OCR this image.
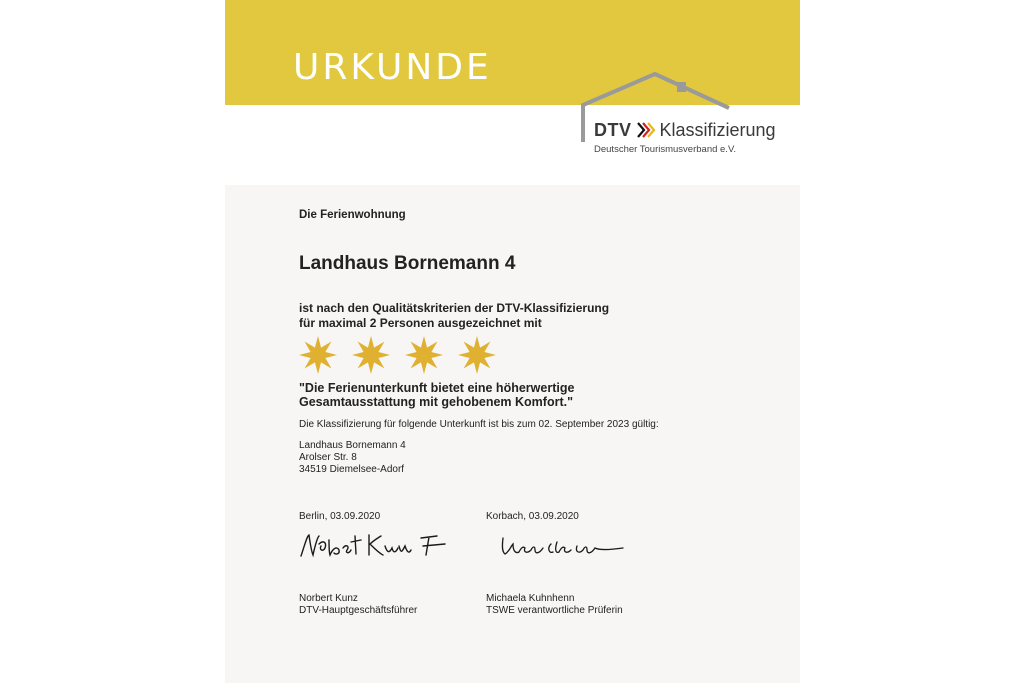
URKUNDE
DTV Klassifizierung
Deutscher Tourismusverband e.V.
Die Ferienwohnung
Landhaus Bornemann 4
ist nach den Qualitätskriterien der DTV-Klassifizierung
für maximal 2 Personen ausgezeichnet mit
"Die Ferienunterkunft bietet eine höherwertige
Gesamtausstattung mit gehobenem Komfort."
Die Klassifizierung für folgende Unterkunft ist bis zum 02. September 2023 gültig:
Landhaus Bornemann 4
Arolser Str. 8
34519 Diemelsee-Adorf
Berlin, 03.09.2020	Korbach, 03.09.2020
Norbert Kunz
DTV-Hauptgeschäftsführer
Michaela Kuhnhenn
TSWE verantwortliche Prüferin
